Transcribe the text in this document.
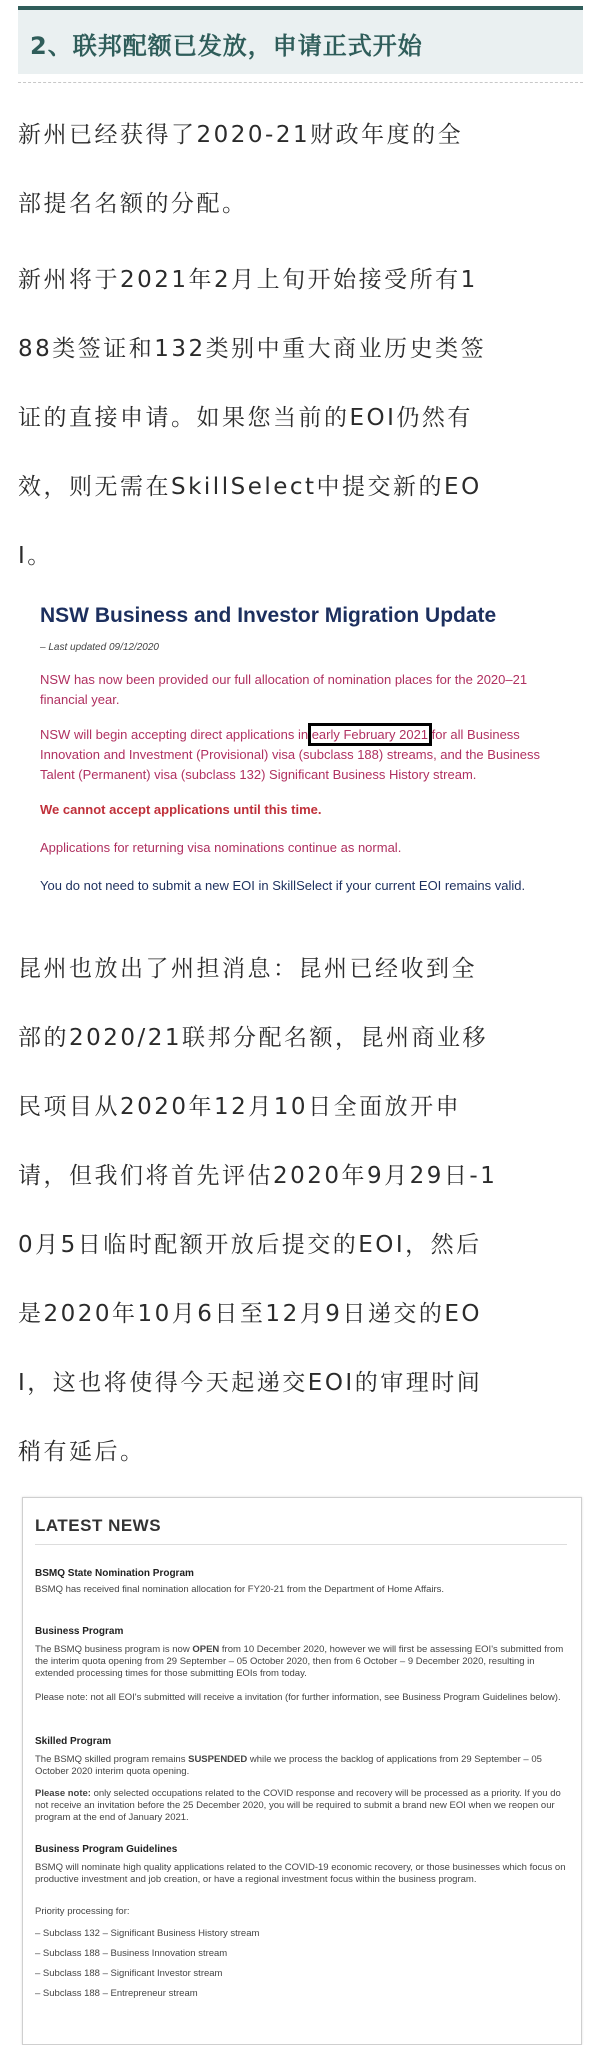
2、联邦配额已发放，申请正式开始
新州已经获得了2020-21财政年度的全
部提名名额的分配。
新州将于2021年2月上旬开始接受所有1
88类签证和132类别中重大商业历史类签
证的直接申请。如果您当前的EOI仍然有
效，则无需在SkillSelect中提交新的EO
I。
NSW Business and Investor Migration Update
– Last updated 09/12/2020
NSW has now been provided our full allocation of nomination places for the 2020–21 financial year.
NSW will begin accepting direct applications in early February 2021 for all Business Innovation and Investment (Provisional) visa (subclass 188) streams, and the Business Talent (Permanent) visa (subclass 132) Significant Business History stream.
We cannot accept applications until this time.
Applications for returning visa nominations continue as normal.
You do not need to submit a new EOI in SkillSelect if your current EOI remains valid.
昆州也放出了州担消息：昆州已经收到全
部的2020/21联邦分配名额，昆州商业移
民项目从2020年12月10日全面放开申
请，但我们将首先评估2020年9月29日-1
0月5日临时配额开放后提交的EOI，然后
是2020年10月6日至12月9日递交的EO
I，这也将使得今天起递交EOI的审理时间
稍有延后。
LATEST NEWS
BSMQ State Nomination Program
BSMQ has received final nomination allocation for FY20-21 from the Department of Home Affairs.
Business Program
The BSMQ business program is now OPEN from 10 December 2020, however we will first be assessing EOI's submitted from the interim quota opening from 29 September – 05 October 2020, then from 6 October – 9 December 2020, resulting in extended processing times for those submitting EOIs from today.
Please note: not all EOI's submitted will receive a invitation (for further information, see Business Program Guidelines below).
Skilled Program
The BSMQ skilled program remains SUSPENDED while we process the backlog of applications from 29 September – 05 October 2020 interim quota opening.
Please note: only selected occupations related to the COVID response and recovery will be processed as a priority. If you do not receive an invitation before the 25 December 2020, you will be required to submit a brand new EOI when we reopen our program at the end of January 2021.
Business Program Guidelines
BSMQ will nominate high quality applications related to the COVID-19 economic recovery, or those businesses which focus on productive investment and job creation, or have a regional investment focus within the business program.
Priority processing for:
– Subclass 132 – Significant Business History stream
– Subclass 188 – Business Innovation stream
– Subclass 188 – Significant Investor stream
– Subclass 188 – Entrepreneur stream
